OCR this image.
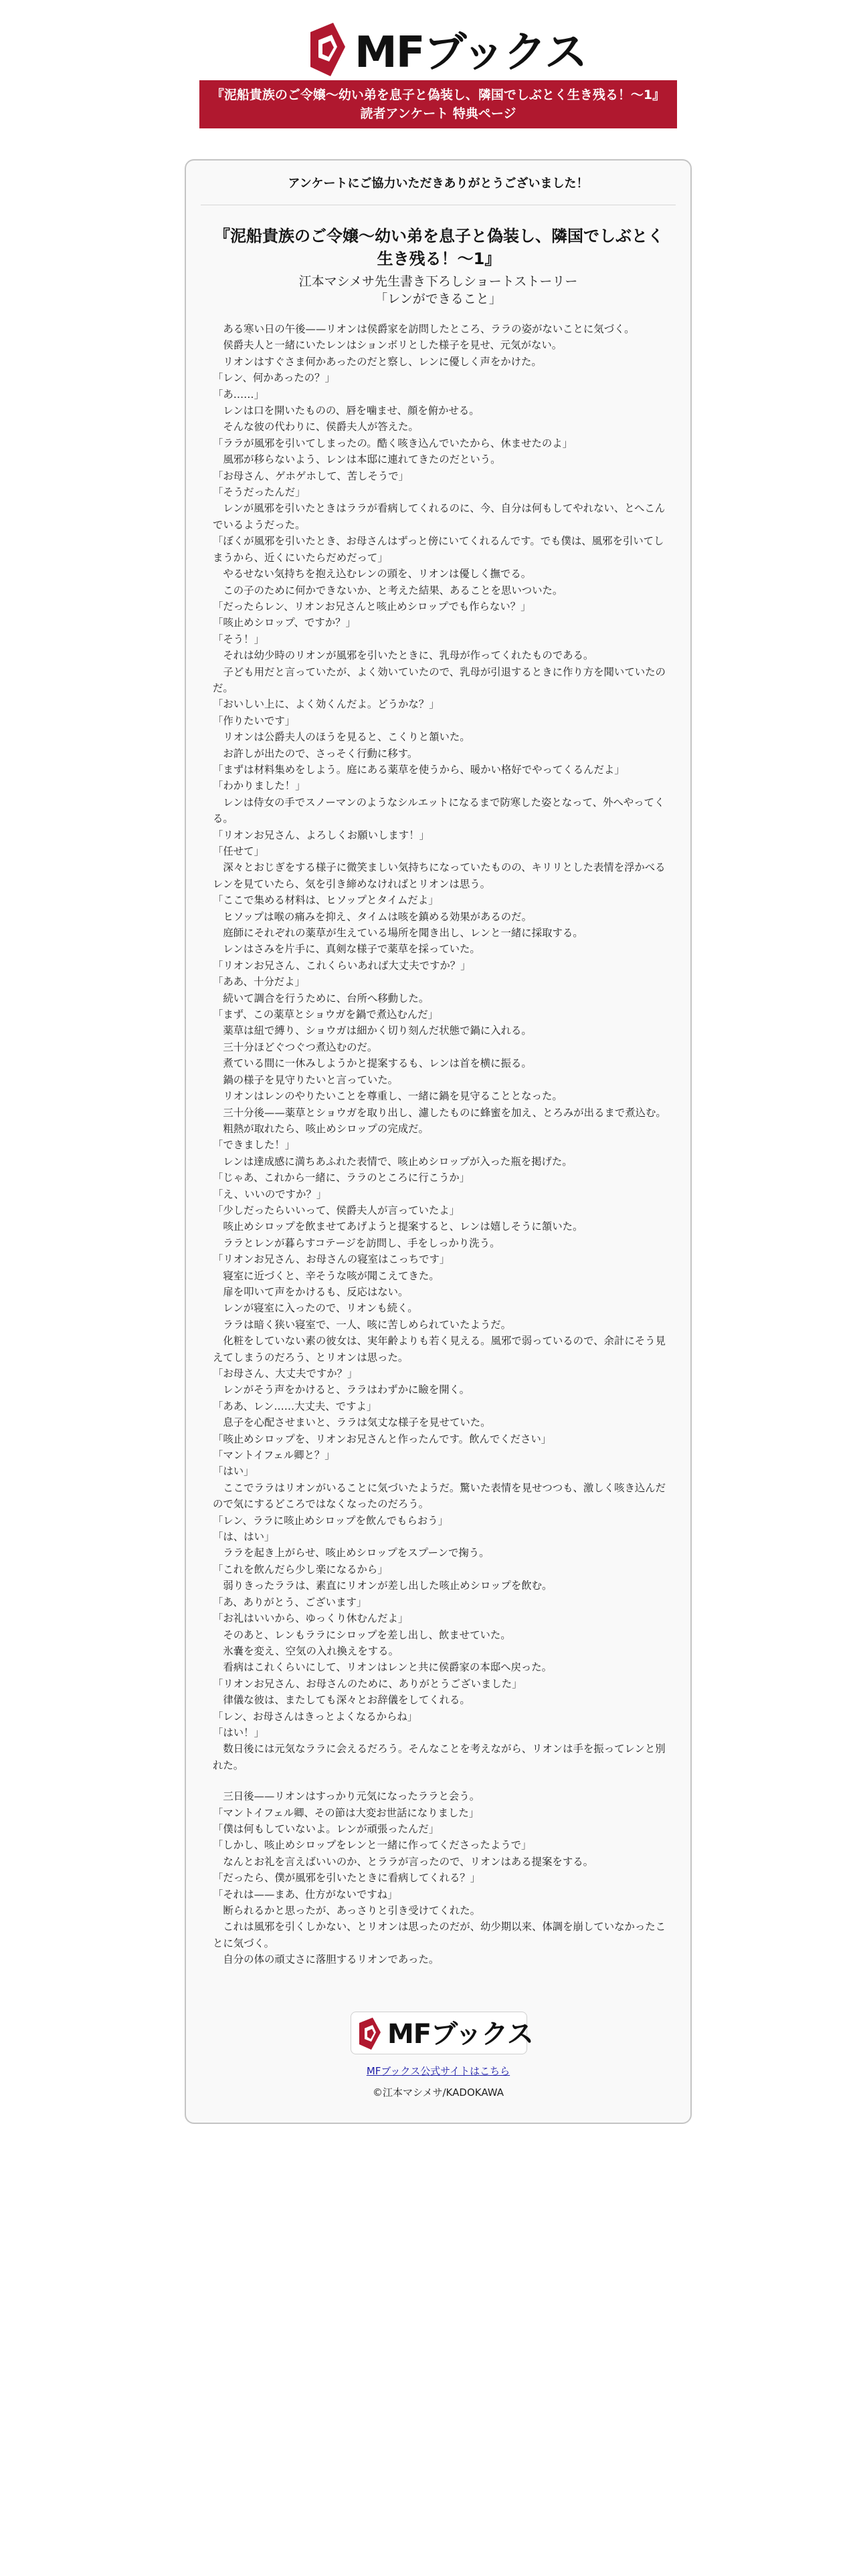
MFブックス
『泥船貴族のご令嬢〜幼い弟を息子と偽装し、隣国でしぶとく生き残る！〜1』読者アンケート 特典ページ
アンケートにご協力いただきありがとうございました！
『泥船貴族のご令嬢〜幼い弟を息子と偽装し、隣国でしぶとく生き残る！〜1』
江本マシメサ先生書き下ろしショートストーリー
「レンができること」

　ある寒い日の午後——リオンは侯爵家を訪問したところ、ララの姿がないことに気づく。

　侯爵夫人と一緒にいたレンはションボリとした様子を見せ、元気がない。

　リオンはすぐさま何かあったのだと察し、レンに優しく声をかけた。

「レン、何かあったの？」

「あ……」

　レンは口を開いたものの、唇を噛ませ、顔を俯かせる。

　そんな彼の代わりに、侯爵夫人が答えた。

「ララが風邪を引いてしまったの。酷く咳き込んでいたから、休ませたのよ」

　風邪が移らないよう、レンは本邸に連れてきたのだという。

「お母さん、ゲホゲホして、苦しそうで」

「そうだったんだ」

　レンが風邪を引いたときはララが看病してくれるのに、今、自分は何もしてやれない、とへこんでいるようだった。

「ぼくが風邪を引いたとき、お母さんはずっと傍にいてくれるんです。でも僕は、風邪を引いてしまうから、近くにいたらだめだって」

　やるせない気持ちを抱え込むレンの頭を、リオンは優しく撫でる。

　この子のために何かできないか、と考えた結果、あることを思いついた。

「だったらレン、リオンお兄さんと咳止めシロップでも作らない？」

「咳止めシロップ、ですか？」

「そう！」

　それは幼少時のリオンが風邪を引いたときに、乳母が作ってくれたものである。

　子ども用だと言っていたが、よく効いていたので、乳母が引退するときに作り方を聞いていたのだ。

「おいしい上に、よく効くんだよ。どうかな？」

「作りたいです」

　リオンは公爵夫人のほうを見ると、こくりと頷いた。

　お許しが出たので、さっそく行動に移す。

「まずは材料集めをしよう。庭にある薬草を使うから、暖かい格好でやってくるんだよ」

「わかりました！」

　レンは侍女の手でスノーマンのようなシルエットになるまで防寒した姿となって、外へやってくる。

「リオンお兄さん、よろしくお願いします！」

「任せて」

　深々とおじぎをする様子に微笑ましい気持ちになっていたものの、キリリとした表情を浮かべるレンを見ていたら、気を引き締めなければとリオンは思う。

「ここで集める材料は、ヒソップとタイムだよ」

　ヒソップは喉の痛みを抑え、タイムは咳を鎮める効果があるのだ。

　庭師にそれぞれの薬草が生えている場所を聞き出し、レンと一緒に採取する。

　レンはさみを片手に、真剣な様子で薬草を採っていた。

「リオンお兄さん、これくらいあれば大丈夫ですか？」

「ああ、十分だよ」

　続いて調合を行うために、台所へ移動した。

「まず、この薬草とショウガを鍋で煮込むんだ」

　薬草は紐で縛り、ショウガは細かく切り刻んだ状態で鍋に入れる。

　三十分ほどぐつぐつ煮込むのだ。

　煮ている間に一休みしようかと提案するも、レンは首を横に振る。

　鍋の様子を見守りたいと言っていた。

　リオンはレンのやりたいことを尊重し、一緒に鍋を見守ることとなった。

　三十分後——薬草とショウガを取り出し、濾したものに蜂蜜を加え、とろみが出るまで煮込む。

　粗熱が取れたら、咳止めシロップの完成だ。

「できました！」

　レンは達成感に満ちあふれた表情で、咳止めシロップが入った瓶を掲げた。

「じゃあ、これから一緒に、ララのところに行こうか」

「え、いいのですか？」

「少しだったらいいって、侯爵夫人が言っていたよ」

　咳止めシロップを飲ませてあげようと提案すると、レンは嬉しそうに頷いた。

　ララとレンが暮らすコテージを訪問し、手をしっかり洗う。

「リオンお兄さん、お母さんの寝室はこっちです」

　寝室に近づくと、辛そうな咳が聞こえてきた。

　扉を叩いて声をかけるも、反応はない。

　レンが寝室に入ったので、リオンも続く。

　ララは暗く狭い寝室で、一人、咳に苦しめられていたようだ。

　化粧をしていない素の彼女は、実年齢よりも若く見える。風邪で弱っているので、余計にそう見えてしまうのだろう、とリオンは思った。

「お母さん、大丈夫ですか？」

　レンがそう声をかけると、ララはわずかに瞼を開く。

「ああ、レン……大丈夫、ですよ」

　息子を心配させまいと、ララは気丈な様子を見せていた。

「咳止めシロップを、リオンお兄さんと作ったんです。飲んでください」

「マントイフェル卿と？」

「はい」

　ここでララはリオンがいることに気づいたようだ。驚いた表情を見せつつも、激しく咳き込んだので気にするどころではなくなったのだろう。

「レン、ララに咳止めシロップを飲んでもらおう」

「は、はい」

　ララを起き上がらせ、咳止めシロップをスプーンで掬う。

「これを飲んだら少し楽になるから」

　弱りきったララは、素直にリオンが差し出した咳止めシロップを飲む。

「あ、ありがとう、ございます」

「お礼はいいから、ゆっくり休むんだよ」

　そのあと、レンもララにシロップを差し出し、飲ませていた。

　氷嚢を変え、空気の入れ換えをする。

　看病はこれくらいにして、リオンはレンと共に侯爵家の本邸へ戻った。

「リオンお兄さん、お母さんのために、ありがとうございました」

　律儀な彼は、またしても深々とお辞儀をしてくれる。

「レン、お母さんはきっとよくなるからね」

「はい！」

　数日後には元気なララに会えるだろう。そんなことを考えながら、リオンは手を振ってレンと別れた。

　三日後——リオンはすっかり元気になったララと会う。

「マントイフェル卿、その節は大変お世話になりました」

「僕は何もしていないよ。レンが頑張ったんだ」

「しかし、咳止めシロップをレンと一緒に作ってくださったようで」

　なんとお礼を言えばいいのか、とララが言ったので、リオンはある提案をする。

「だったら、僕が風邪を引いたときに看病してくれる？」

「それは——まあ、仕方がないですね」

　断られるかと思ったが、あっさりと引き受けてくれた。

　これは風邪を引くしかない、とリオンは思ったのだが、幼少期以来、体調を崩していなかったことに気づく。

　自分の体の頑丈さに落胆するリオンであった。

MFブックス
MFブックス公式サイトはこちら
©江本マシメサ/KADOKAWA
